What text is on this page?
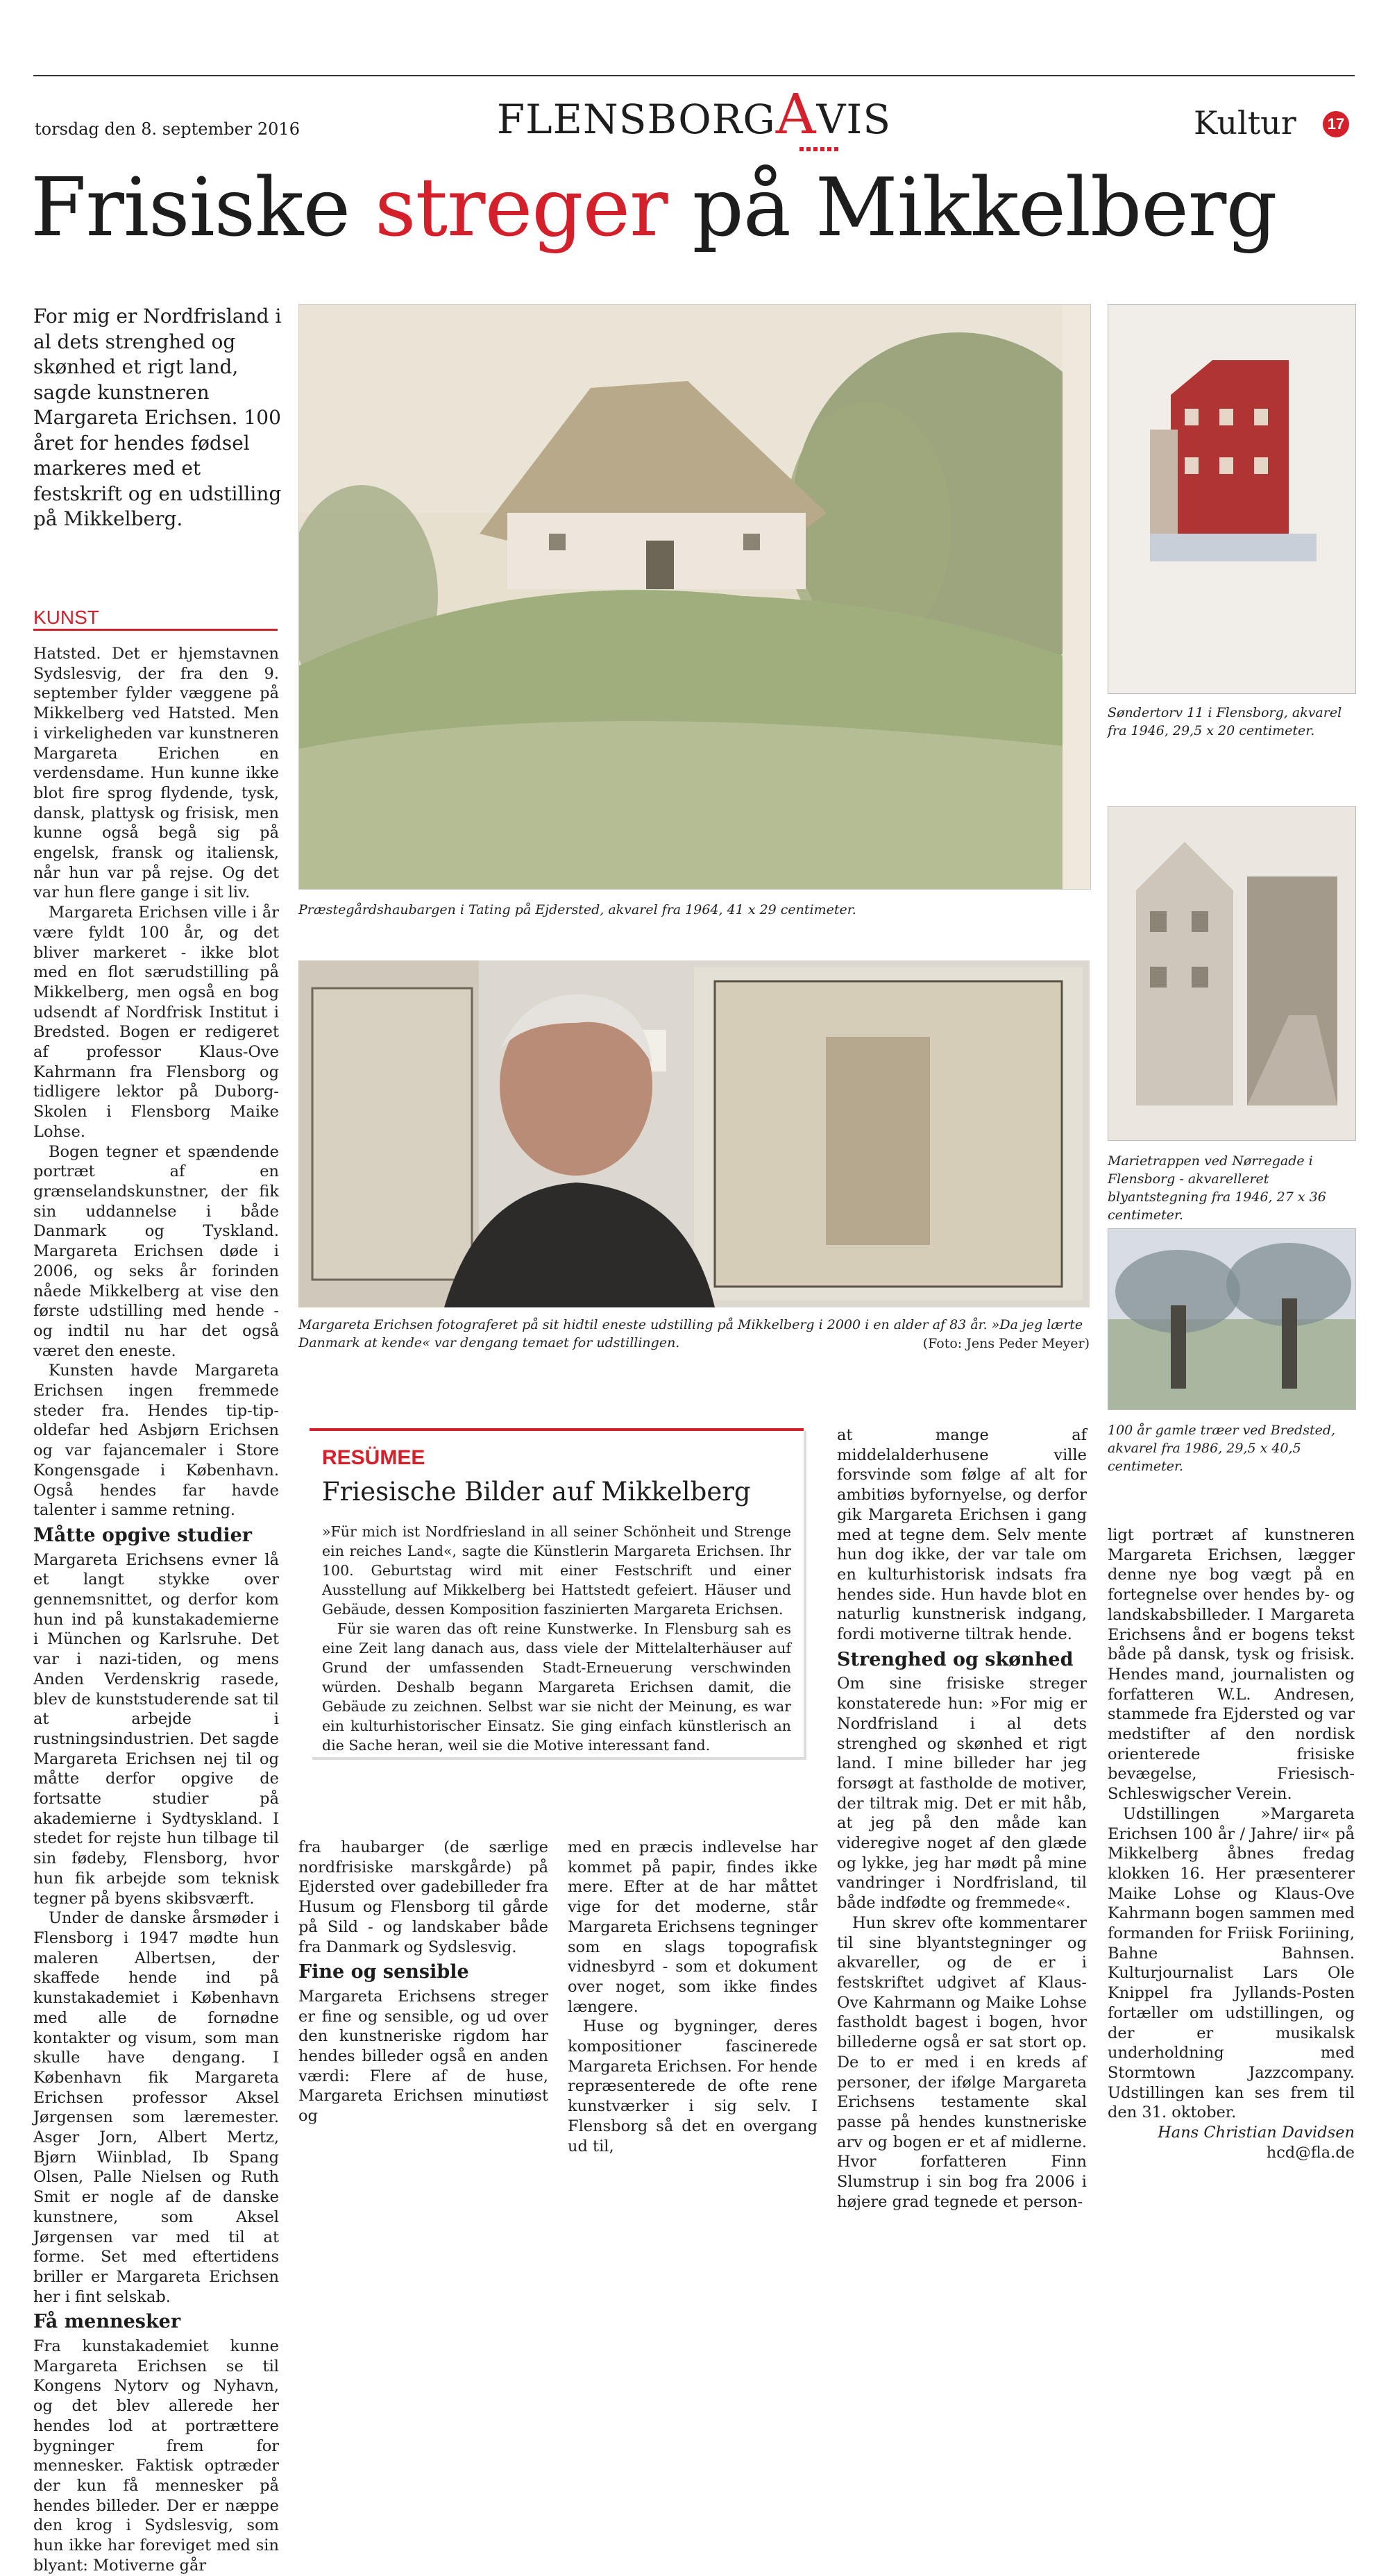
torsdag den 8. september 2016	FLENSBORGAVIS	Kultur	17
Frisiske streger på Mikkelberg
For mig er Nordfrisland i al dets strenghed og skønhed et rigt land, sagde kunstneren Margareta Erichsen. 100 året for hendes fødsel markeres med et festskrift og en udstilling på Mikkelberg.
KUNST

Hatsted. Det er hjemstavnen Sydslesvig, der fra den 9. september fylder væggene på Mikkelberg ved Hatsted. Men i virkeligheden var kunstneren Margareta Erichen en verdensdame. Hun kunne ikke blot fire sprog flydende, tysk, dansk, plattysk og frisisk, men kunne også begå sig på engelsk, fransk og italiensk, når hun var på rejse. Og det var hun flere gange i sit liv.

Margareta Erichsen ville i år være fyldt 100 år, og det bliver markeret - ikke blot med en flot særudstilling på Mikkelberg, men også en bog udsendt af Nordfrisk Institut i Bredsted. Bogen er redigeret af professor Klaus-Ove Kahrmann fra Flensborg og tidligere lektor på Duborg-Skolen i Flensborg Maike Lohse.

Bogen tegner et spændende portræt af en grænselandskunstner, der fik sin uddannelse i både Danmark og Tyskland. Margareta Erichsen døde i 2006, og seks år forinden nåede Mikkelberg at vise den første udstilling med hende - og indtil nu har det også været den eneste.

Kunsten havde Margareta Erichsen ingen fremmede steder fra. Hendes tip-tip-oldefar hed Asbjørn Erichsen og var fajancemaler i Store Kongensgade i København. Også hendes far havde talenter i samme retning.

Måtte opgive studier

Margareta Erichsens evner lå et langt stykke over gennemsnittet, og derfor kom hun ind på kunstakademierne i München og Karlsruhe. Det var i nazi-tiden, og mens Anden Verdenskrig rasede, blev de kunststuderende sat til at arbejde i rustningsindustrien. Det sagde Margareta Erichsen nej til og måtte derfor opgive de fortsatte studier på akademierne i Sydtyskland. I stedet for rejste hun tilbage til sin fødeby, Flensborg, hvor hun fik arbejde som teknisk tegner på byens skibsværft.

Under de danske årsmøder i Flensborg i 1947 mødte hun maleren Albertsen, der skaffede hende ind på kunstakademiet i København med alle de fornødne kontakter og visum, som man skulle have dengang. I København fik Margareta Erichsen professor Aksel Jørgensen som læremester. Asger Jorn, Albert Mertz, Bjørn Wiinblad, Ib Spang Olsen, Palle Nielsen og Ruth Smit er nogle af de danske kunstnere, som Aksel Jørgensen var med til at forme. Set med eftertidens briller er Margareta Erichsen her i fint selskab.

Få mennesker

Fra kunstakademiet kunne Margareta Erichsen se til Kongens Nytorv og Nyhavn, og det blev allerede her hendes lod at portrættere bygninger frem for mennesker. Faktisk optræder der kun få mennesker på hendes billeder. Der er næppe den krog i Sydslesvig, som hun ikke har foreviget med sin blyant: Motiverne går

Præstegårdshaubargen i Tating på Ejdersted, akvarel fra 1964, 41 x 29 centimeter.
Margareta Erichsen fotograferet på sit hidtil eneste udstilling på Mikkelberg i 2000 i en alder af 83 år. »Da jeg lærte Danmark at kende« var dengang temaet for udstillingen.	(Foto: Jens Peder Meyer)
Søndertorv 11 i Flensborg, akvarel fra 1946, 29,5 x 20 centimeter.
Marietrappen ved Nørregade i Flensborg - akvarelleret blyantstegning fra 1946, 27 x 36 centimeter.
100 år gamle træer ved Bredsted, akvarel fra 1986, 29,5 x 40,5 centimeter.
RESÜMEE
Friesische Bilder auf Mikkelberg

»Für mich ist Nordfriesland in all seiner Schönheit und Strenge ein reiches Land«, sagte die Künstlerin Margareta Erichsen. Ihr 100. Geburtstag wird mit einer Festschrift und einer Ausstellung auf Mikkelberg bei Hattstedt gefeiert. Häuser und Gebäude, dessen Komposition faszinierten Margareta Erichsen.

Für sie waren das oft reine Kunstwerke. In Flensburg sah es eine Zeit lang danach aus, dass viele der Mittelalterhäuser auf Grund der umfassenden Stadt-Erneuerung verschwinden würden. Deshalb begann Margareta Erichsen damit, die Gebäude zu zeichnen. Selbst war sie nicht der Meinung, es war ein kulturhistorischer Einsatz. Sie ging einfach künstlerisch an die Sache heran, weil sie die Motive interessant fand.

fra haubarger (de særlige nordfrisiske marskgårde) på Ejdersted over gadebilleder fra Husum og Flensborg til gårde på Sild - og landskaber både fra Danmark og Sydslesvig.

Fine og sensible

Margareta Erichsens streger er fine og sensible, og ud over den kunstneriske rigdom har hendes billeder også en anden værdi: Flere af de huse, Margareta Erichsen minutiøst og

med en præcis indlevelse har kommet på papir, findes ikke mere. Efter at de har måttet vige for det moderne, står Margareta Erichsens tegninger som en slags topografisk vidnesbyrd - som et dokument over noget, som ikke findes længere.

Huse og bygninger, deres kompositioner fascinerede Margareta Erichsen. For hende repræsenterede de ofte rene kunstværker i sig selv. I Flensborg så det en overgang ud til,

at mange af middelalderhusene ville forsvinde som følge af alt for ambitiøs byfornyelse, og derfor gik Margareta Erichsen i gang med at tegne dem. Selv mente hun dog ikke, der var tale om en kulturhistorisk indsats fra hendes side. Hun havde blot en naturlig kunstnerisk indgang, fordi motiverne tiltrak hende.

Strenghed og skønhed

Om sine frisiske streger konstaterede hun: »For mig er Nordfrisland i al dets strenghed og skønhed et rigt land. I mine billeder har jeg forsøgt at fastholde de motiver, der tiltrak mig. Det er mit håb, at jeg på den måde kan videregive noget af den glæde og lykke, jeg har mødt på mine vandringer i Nordfrisland, til både indfødte og fremmede«.

Hun skrev ofte kommentarer til sine blyantstegninger og akvareller, og de er i festskriftet udgivet af Klaus-Ove Kahrmann og Maike Lohse fastholdt bagest i bogen, hvor billederne også er sat stort op. De to er med i en kreds af personer, der ifølge Margareta Erichsens testamente skal passe på hendes kunstneriske arv og bogen er et af midlerne. Hvor forfatteren Finn Slumstrup i sin bog fra 2006 i højere grad tegnede et person-

ligt portræt af kunstneren Margareta Erichsen, lægger denne nye bog vægt på en fortegnelse over hendes by- og landskabsbilleder. I Margareta Erichsens ånd er bogens tekst både på dansk, tysk og frisisk. Hendes mand, journalisten og forfatteren W.L. Andresen, stammede fra Ejdersted og var medstifter af den nordisk orienterede frisiske bevægelse, Friesisch-Schleswigscher Verein.

Udstillingen »Margareta Erichsen 100 år / Jahre/ iir« på Mikkelberg åbnes fredag klokken 16. Her præsenterer Maike Lohse og Klaus-Ove Kahrmann bogen sammen med formanden for Friisk Foriining, Bahne Bahnsen. Kulturjournalist Lars Ole Knippel fra Jyllands-Posten fortæller om udstillingen, og der er musikalsk underholdning med Stormtown Jazzcompany. Udstillingen kan ses frem til den 31. oktober.

Hans Christian Davidsen
hcd@fla.de
